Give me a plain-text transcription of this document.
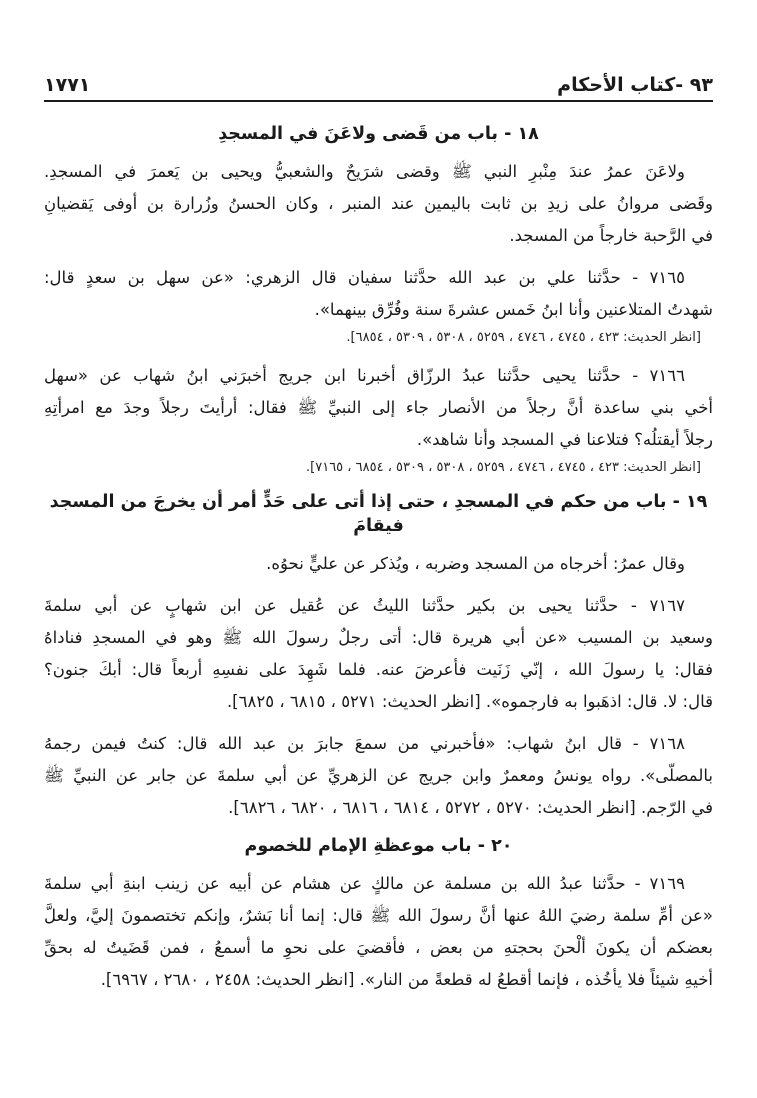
٩٣ -كتاب الأحكام
١٧٧١
١٨ - باب من قَضى ولاعَنَ في المسجدِ
ولاعَنَ عمرُ عندَ مِنْبرِ النبي ﷺ وقضى شرَيحٌ والشعبيُّ ويحيى بن يَعمرَ في المسجدِ.
وقَضى مروانُ على زيدِ بن ثابت باليمين عند المنبر ، وكان الحسنُ وزُرارة بن أوفى يَقضيانِ
في الرَّحبة خارجاً من المسجد.
٧١٦٥ - حدَّثنا علي بن عبد الله حدَّثنا سفيان قال الزهري: «عن سهل بن سعدٍ قال:
شهدتُ المتلاعنين وأنا ابنُ خَمس عشرةَ سنة وفُرِّق بينهما».
[انظر الحديث: ٤٢٣ ، ٤٧٤٥ ، ٤٧٤٦ ، ٥٢٥٩ ، ٥٣٠٨ ، ٥٣٠٩ ، ٦٨٥٤].
٧١٦٦ - حدَّثنا يحيى حدَّثنا عبدُ الرزّاق أخبرنا ابن جريج أخبرَني ابنُ شهاب عن «سهل
أخي بني ساعدة أنَّ رجلاً من الأنصار جاء إلى النبيِّ ﷺ فقال: أرأيتَ رجلاً وجدَ مع امرأتِهِ
رجلاً أيقتلُه؟ فتلاعنا في المسجد وأنا شاهد».
[انظر الحديث: ٤٢٣ ، ٤٧٤٥ ، ٤٧٤٦ ، ٥٢٥٩ ، ٥٣٠٨ ، ٥٣٠٩ ، ٦٨٥٤ ، ٧١٦٥].
١٩ - باب من حكم في المسجدِ ، حتى إذا أتى على حَدٍّ أمر أن يخرجَ من المسجد فيقامَ
وقال عمرُ: أخرجاه من المسجد وضربه ، ويُذكر عن عليٍّ نحوُه.
٧١٦٧ - حدَّثنا يحيى بن بكير حدَّثنا الليثُ عن عُقيل عن ابن شهابٍ عن أبي سلمةَ
وسعيد بن المسيب «عن أبي هريرة قال: أتى رجلٌ رسولَ الله ﷺ وهو في المسجدِ فناداهُ
فقال: يا رسولَ الله ، إنّي زَنَيت فأعرضَ عنه. فلما شَهِدَ على نفسِهِ أربعاً قال: أبكَ جنون؟
قال: لا. قال: اذهَبوا به فارجموه». [انظر الحديث: ٥٢٧١ ، ٦٨١٥ ، ٦٨٢٥].
٧١٦٨ - قال ابنُ شهاب: «فأخبرني من سمعَ جابرَ بن عبد الله قال: كنتُ فيمن رجمهُ
بالمصلّى». رواه يونسُ ومعمرٌ وابن جريج عن الزهريِّ عن أبي سلمةَ عن جابر عن النبيِّ ﷺ
في الرّجم. [انظر الحديث: ٥٢٧٠ ، ٥٢٧٢ ، ٦٨١٤ ، ٦٨١٦ ، ٦٨٢٠ ، ٦٨٢٦].
٢٠ - باب موعظةِ الإمام للخصوم
٧١٦٩ - حدَّثنا عبدُ الله بن مسلمة عن مالكٍ عن هشام عن أبيه عن زينب ابنةِ أبي سلمةَ
«عن أمِّ سلمة رضيَ اللهُ عنها أنَّ رسولَ الله ﷺ قال: إنما أنا بَشرٌ، وإنكم تختصمونَ إليَّ، ولعلَّ
بعضكم أن يكونَ ألْحنَ بحجتهِ من بعض ، فأقضيَ على نحوِ ما أسمعُ ، فمن قَضَيتُ له بحقِّ
أخيهِ شيئاً فلا يأخُذه ، فإنما أقطعُ له قطعةً من النار». [انظر الحديث: ٢٤٥٨ ، ٢٦٨٠ ، ٦٩٦٧].
